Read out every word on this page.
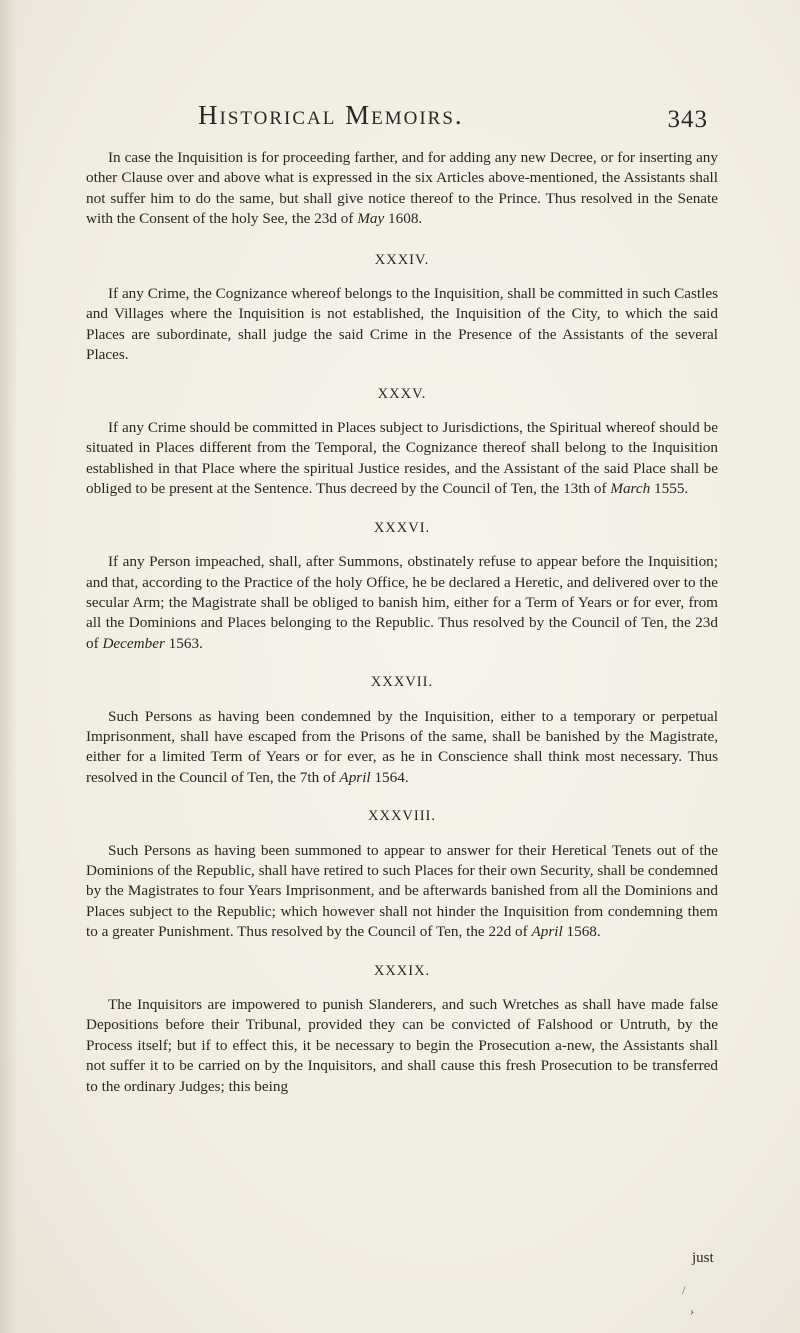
Historical Memoirs.	343

In case the Inquisition is for proceeding farther, and for adding any new Decree, or for inserting any other Clause over and above what is expressed in the six Articles above-mentioned, the Assistants shall not suffer him to do the same, but shall give notice thereof to the Prince. Thus resolved in the Senate with the Consent of the holy See, the 23d of May 1608.

XXXIV.

If any Crime, the Cognizance whereof belongs to the Inquisition, shall be committed in such Castles and Villages where the Inquisition is not established, the Inquisition of the City, to which the said Places are subordinate, shall judge the said Crime in the Presence of the Assistants of the several Places.

XXXV.

If any Crime should be committed in Places subject to Jurisdictions, the Spiritual whereof should be situated in Places different from the Temporal, the Cognizance thereof shall belong to the Inquisition established in that Place where the spiritual Justice resides, and the Assistant of the said Place shall be obliged to be present at the Sentence. Thus decreed by the Council of Ten, the 13th of March 1555.

XXXVI.

If any Person impeached, shall, after Summons, obstinately refuse to appear before the Inquisition; and that, according to the Practice of the holy Office, he be declared a Heretic, and delivered over to the secular Arm; the Magistrate shall be obliged to banish him, either for a Term of Years or for ever, from all the Dominions and Places belonging to the Republic. Thus resolved by the Council of Ten, the 23d of December 1563.

XXXVII.

Such Persons as having been condemned by the Inquisition, either to a temporary or perpetual Imprisonment, shall have escaped from the Prisons of the same, shall be banished by the Magistrate, either for a limited Term of Years or for ever, as he in Conscience shall think most necessary. Thus resolved in the Council of Ten, the 7th of April 1564.

XXXVIII.

Such Persons as having been summoned to appear to answer for their Heretical Tenets out of the Dominions of the Republic, shall have retired to such Places for their own Security, shall be condemned by the Magistrates to four Years Imprisonment, and be afterwards banished from all the Dominions and Places subject to the Republic; which however shall not hinder the Inquisition from condemning them to a greater Punishment. Thus resolved by the Council of Ten, the 22d of April 1568.

XXXIX.

The Inquisitors are impowered to punish Slanderers, and such Wretches as shall have made false Depositions before their Tribunal, provided they can be convicted of Falshood or Untruth, by the Process itself; but if to effect this, it be necessary to begin the Prosecution a-new, the Assistants shall not suffer it to be carried on by the Inquisitors, and shall cause this fresh Prosecution to be transferred to the ordinary Judges; this being

just
/
›
